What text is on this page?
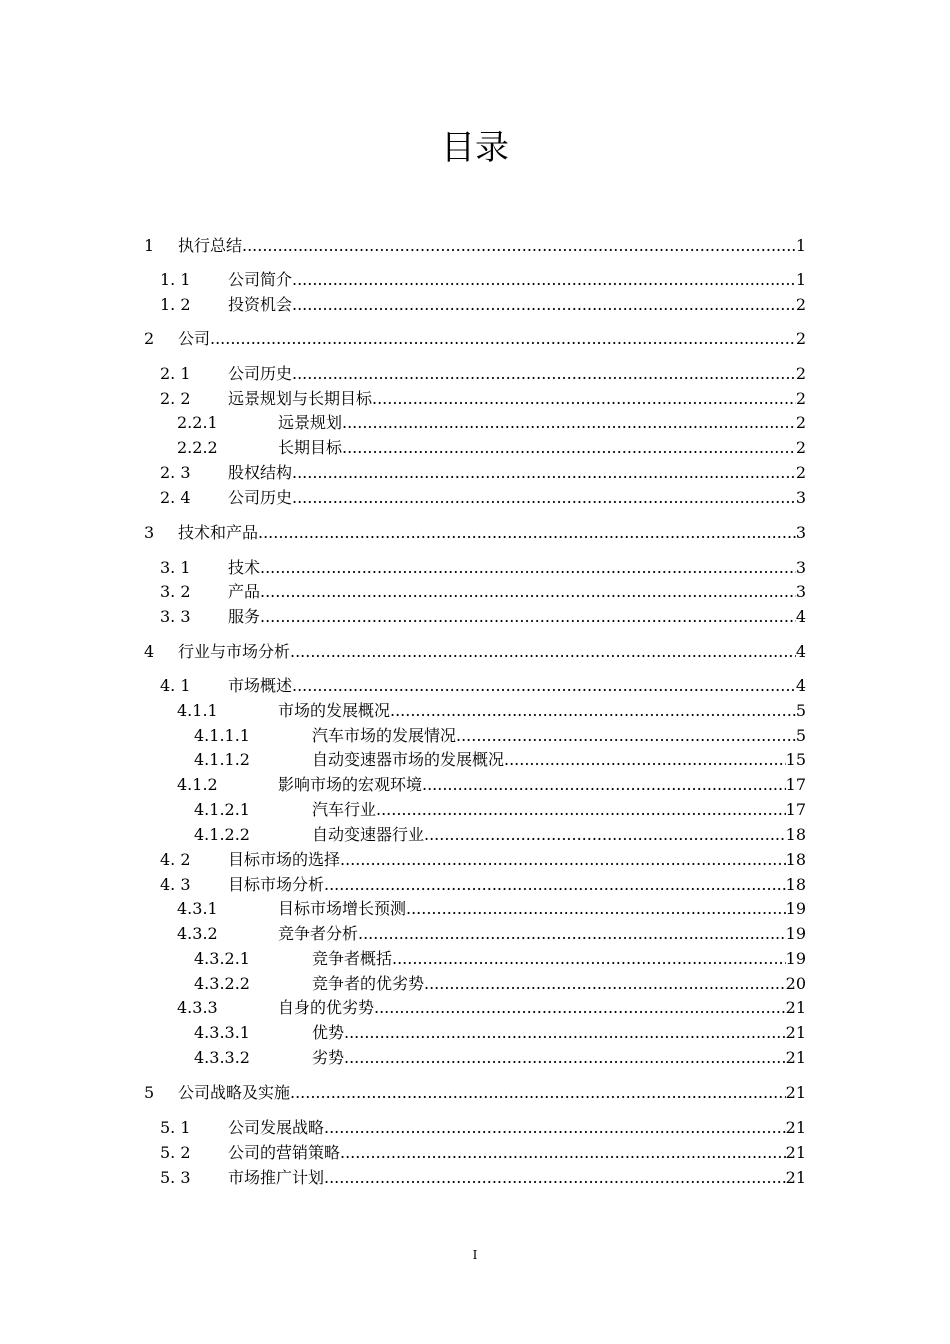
目录
1 执行总结 .....	1
1. 1 公司简介 .....	1
1. 2 投资机会 .....	2
2 公司 .....	2
2. 1 公司历史 .....	2
2. 2 远景规划与长期目标 .....	2
2.2.1	远景规划 .....	2
2.2.2	长期目标 .....	2
2. 3 股权结构 .....	2
2. 4 公司历史 .....	3
3 技术和产品 .....	3
3. 1 技术 .....	3
3. 2 产品 .....	3
3. 3 服务 .....	4
4 行业与市场分析 .....	4
4. 1 市场概述 .....	4
4.1.1	市场的发展概况 .....	5
4.1.1.1	汽车市场的发展情况 .....	5
4.1.1.2	自动变速器市场的发展概况 .....	15
4.1.2	影响市场的宏观环境 .....	17
4.1.2.1	汽车行业 .....	17
4.1.2.2	自动变速器行业 .....	18
4. 2 目标市场的选择 .....	18
4. 3 目标市场分析 .....	18
4.3.1	目标市场增长预测 .....	19
4.3.2	竞争者分析 .....	19
4.3.2.1	竞争者概括 .....	19
4.3.2.2	竞争者的优劣势 .....	20
4.3.3	自身的优劣势 .....	21
4.3.3.1	优势 .....	21
4.3.3.2	劣势 .....	21
5 公司战略及实施 .....	21
5. 1 公司发展战略 .....	21
5. 2 公司的营销策略 .....	21
5. 3 市场推广计划 .....	21
I
